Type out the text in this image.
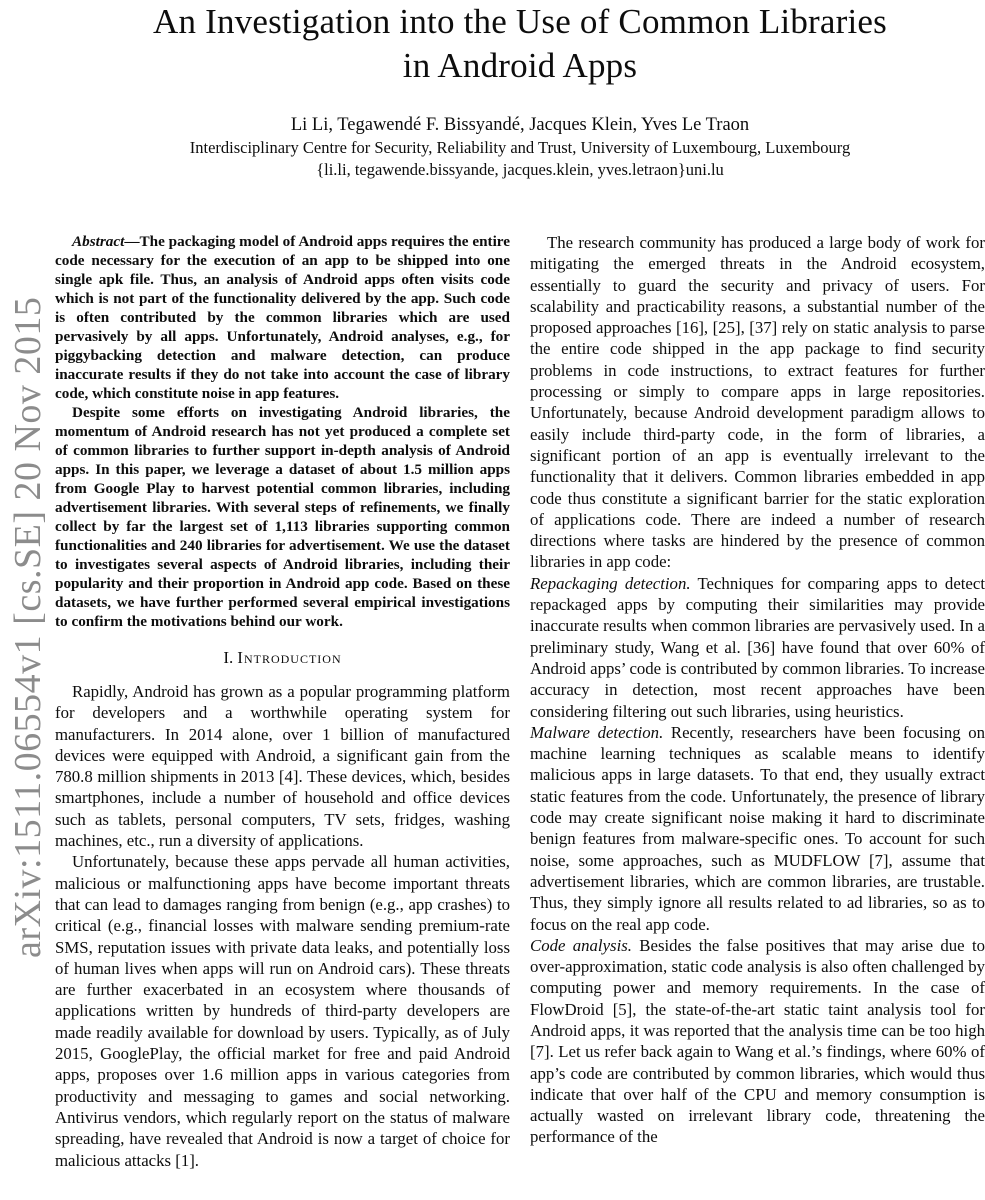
arXiv:1511.06554v1 [cs.SE] 20 Nov 2015
An Investigation into the Use of Common Libraries
in Android Apps
Li Li, Tegawendé F. Bissyandé, Jacques Klein, Yves Le Traon
Interdisciplinary Centre for Security, Reliability and Trust, University of Luxembourg, Luxembourg
{li.li, tegawende.bissyande, jacques.klein, yves.letraon}uni.lu

Abstract—The packaging model of Android apps requires the entire code necessary for the execution of an app to be shipped into one single apk file. Thus, an analysis of Android apps often visits code which is not part of the functionality delivered by the app. Such code is often contributed by the common libraries which are used pervasively by all apps. Unfortunately, Android analyses, e.g., for piggybacking detection and malware detection, can produce inaccurate results if they do not take into account the case of library code, which constitute noise in app features.

Despite some efforts on investigating Android libraries, the momentum of Android research has not yet produced a complete set of common libraries to further support in-depth analysis of Android apps. In this paper, we leverage a dataset of about 1.5 million apps from Google Play to harvest potential common libraries, including advertisement libraries. With several steps of refinements, we finally collect by far the largest set of 1,113 libraries supporting common functionalities and 240 libraries for advertisement. We use the dataset to investigates several aspects of Android libraries, including their popularity and their proportion in Android app code. Based on these datasets, we have further performed several empirical investigations to confirm the motivations behind our work.

I. Introduction

Rapidly, Android has grown as a popular programming platform for developers and a worthwhile operating system for manufacturers. In 2014 alone, over 1 billion of manufactured devices were equipped with Android, a significant gain from the 780.8 million shipments in 2013 [4]. These devices, which, besides smartphones, include a number of household and office devices such as tablets, personal computers, TV sets, fridges, washing machines, etc., run a diversity of applications.

Unfortunately, because these apps pervade all human activities, malicious or malfunctioning apps have become important threats that can lead to damages ranging from benign (e.g., app crashes) to critical (e.g., financial losses with malware sending premium-rate SMS, reputation issues with private data leaks, and potentially loss of human lives when apps will run on Android cars). These threats are further exacerbated in an ecosystem where thousands of applications written by hundreds of third-party developers are made readily available for download by users. Typically, as of July 2015, GooglePlay, the official market for free and paid Android apps, proposes over 1.6 million apps in various categories from productivity and messaging to games and social networking. Antivirus vendors, which regularly report on the status of malware spreading, have revealed that Android is now a target of choice for malicious attacks [1].

The research community has produced a large body of work for mitigating the emerged threats in the Android ecosystem, essentially to guard the security and privacy of users. For scalability and practicability reasons, a substantial number of the proposed approaches [16], [25], [37] rely on static analysis to parse the entire code shipped in the app package to find security problems in code instructions, to extract features for further processing or simply to compare apps in large repositories. Unfortunately, because Android development paradigm allows to easily include third-party code, in the form of libraries, a significant portion of an app is eventually irrelevant to the functionality that it delivers. Common libraries embedded in app code thus constitute a significant barrier for the static exploration of applications code. There are indeed a number of research directions where tasks are hindered by the presence of common libraries in app code:

Repackaging detection. Techniques for comparing apps to detect repackaged apps by computing their similarities may provide inaccurate results when common libraries are pervasively used. In a preliminary study, Wang et al. [36] have found that over 60% of Android apps’ code is contributed by common libraries. To increase accuracy in detection, most recent approaches have been considering filtering out such libraries, using heuristics.

Malware detection. Recently, researchers have been focusing on machine learning techniques as scalable means to identify malicious apps in large datasets. To that end, they usually extract static features from the code. Unfortunately, the presence of library code may create significant noise making it hard to discriminate benign features from malware-specific ones. To account for such noise, some approaches, such as MUDFLOW [7], assume that advertisement libraries, which are common libraries, are trustable. Thus, they simply ignore all results related to ad libraries, so as to focus on the real app code.

Code analysis. Besides the false positives that may arise due to over-approximation, static code analysis is also often challenged by computing power and memory requirements. In the case of FlowDroid [5], the state-of-the-art static taint analysis tool for Android apps, it was reported that the analysis time can be too high [7]. Let us refer back again to Wang et al.’s findings, where 60% of app’s code are contributed by common libraries, which would thus indicate that over half of the CPU and memory consumption is actually wasted on irrelevant library code, threatening the performance of the
